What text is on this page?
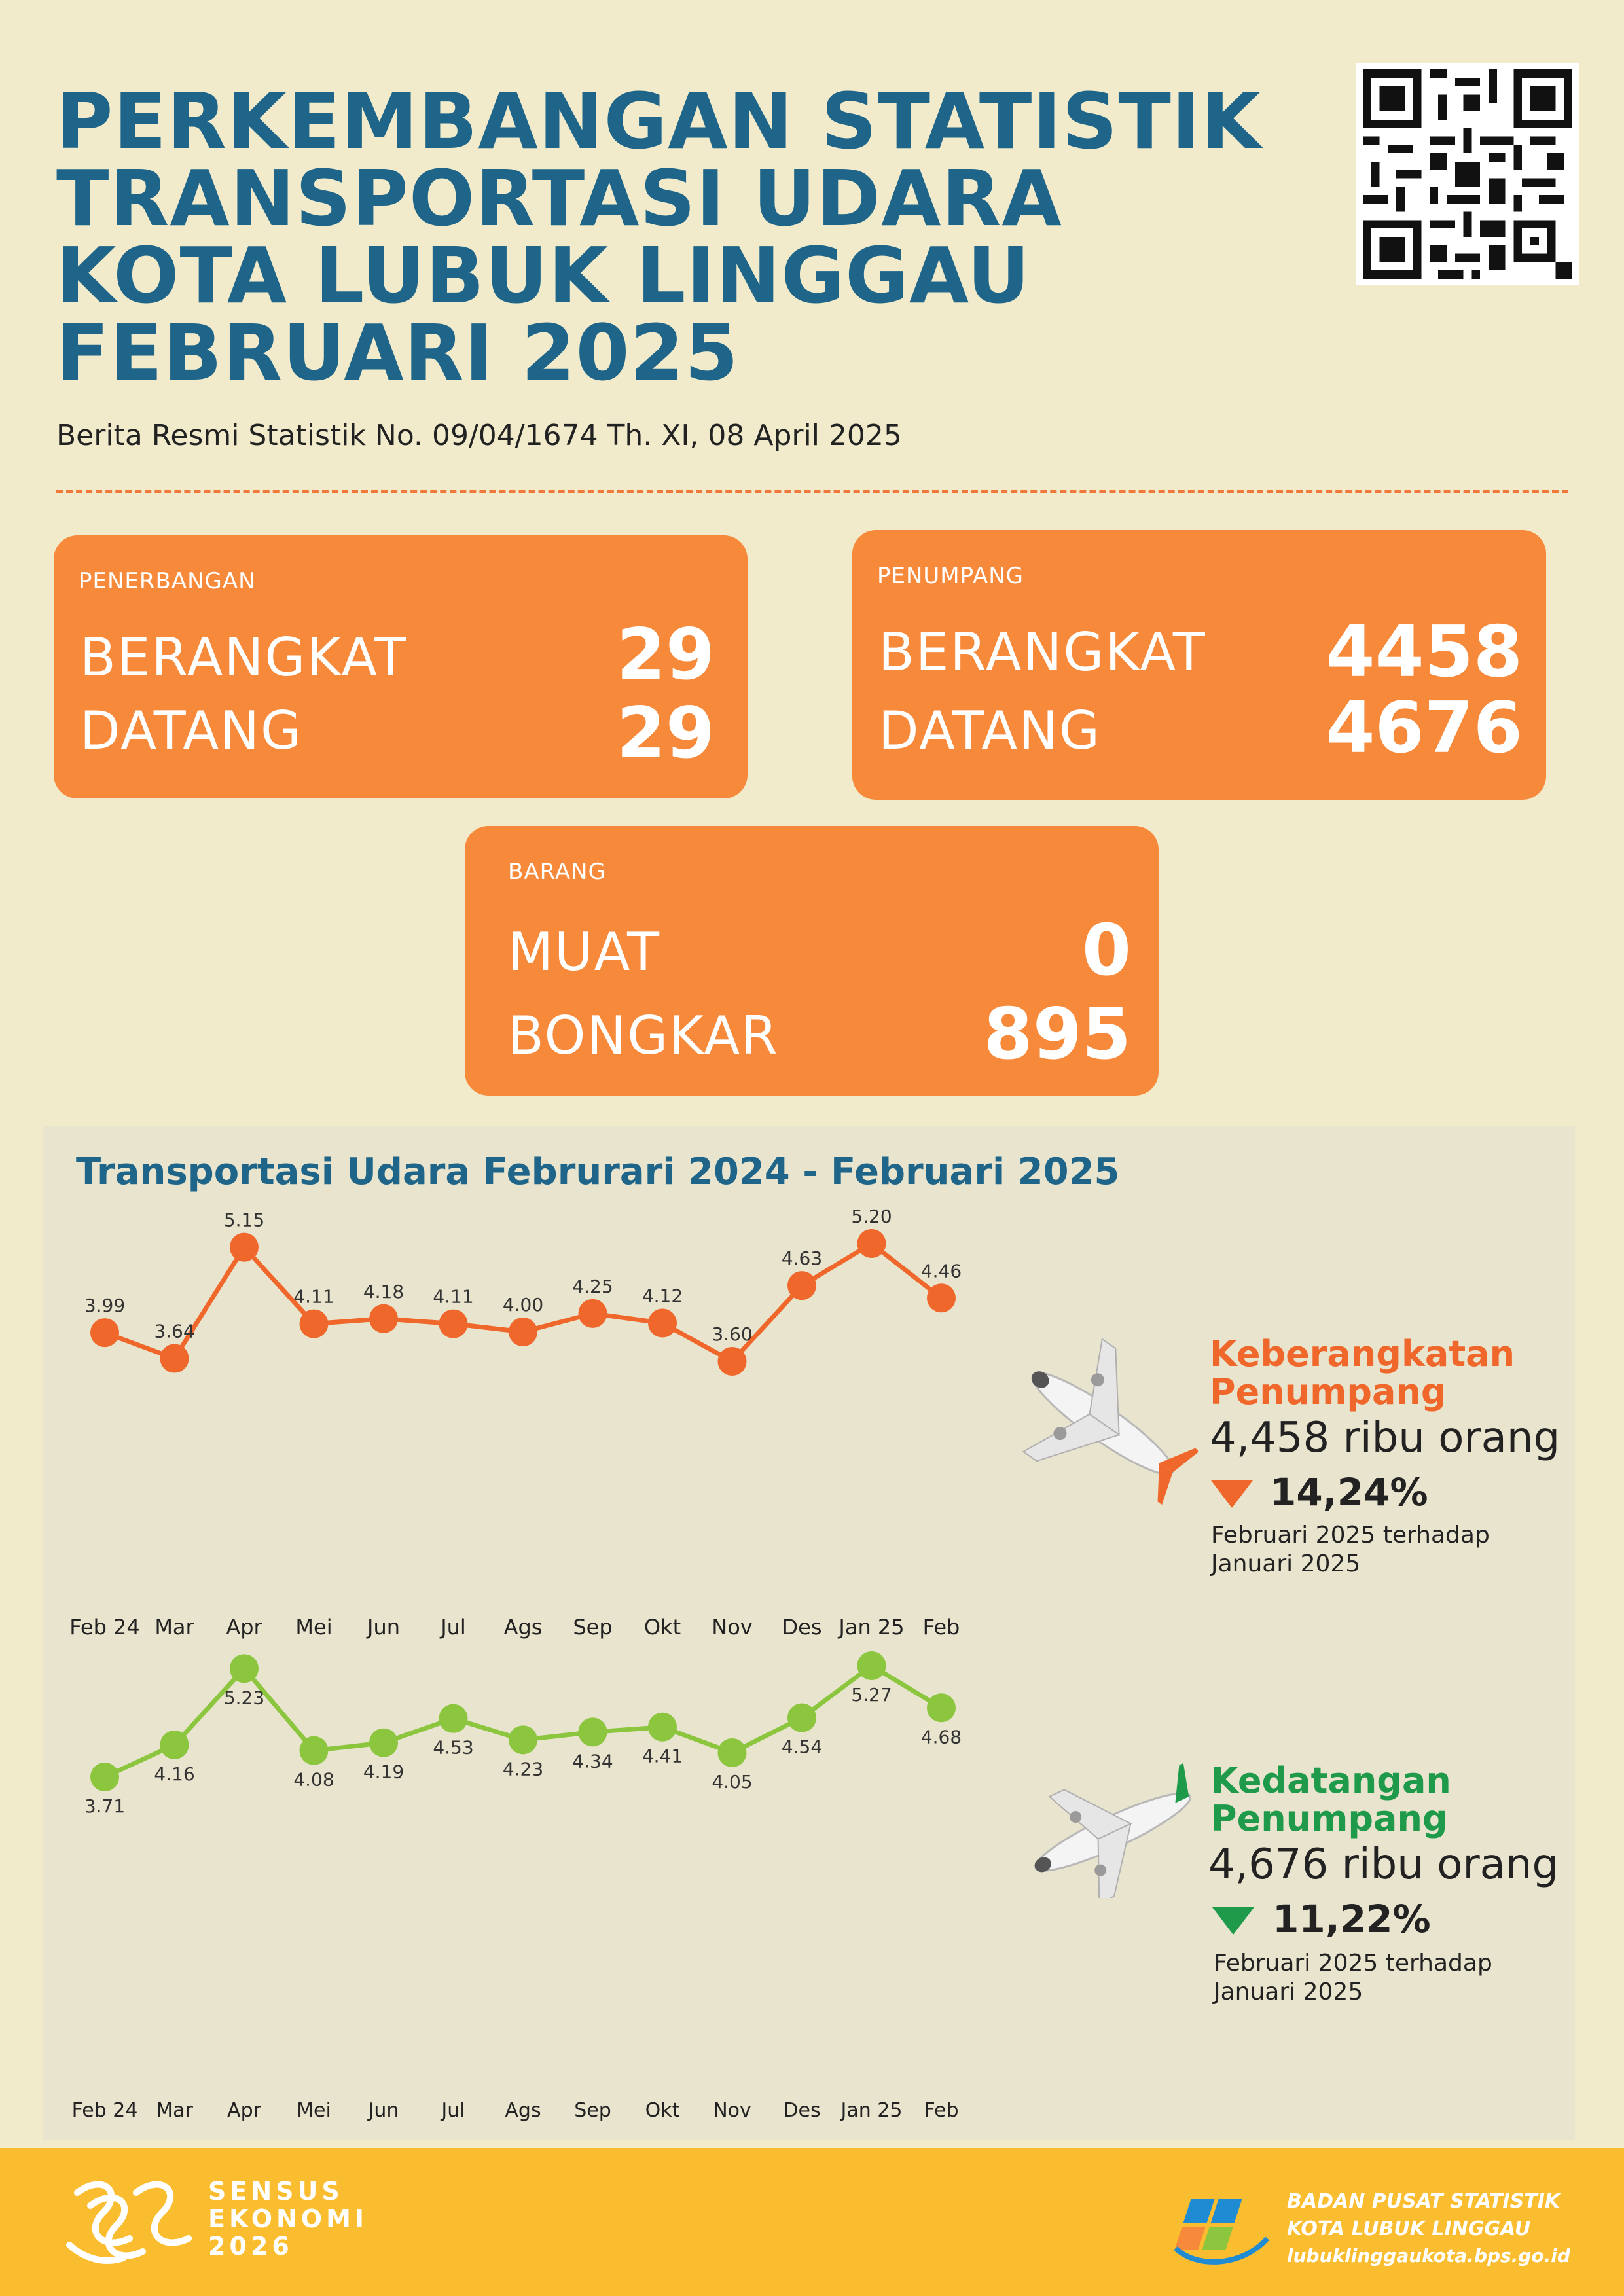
PERKEMBANGAN STATISTIK
TRANSPORTASI UDARA
KOTA LUBUK LINGGAU
FEBRUARI 2025
Berita Resmi Statistik No. 09/04/1674 Th. XI, 08 April 2025
PENERBANGAN
BERANGKAT	29
DATANG	29
PENUMPANG
BERANGKAT 4458
DATANG	4676
BARANG
MUAT	0
BONGKAR	895
Transportasi Udara Februrari 2024 - Februari 2025
3.99
3.64
5.15
4.11 4.18 4.11 4.00
4.25 4.12
3.60
4.63
5.20
4.46
Feb 24 Mar Apr Mei Jun Jul Ags Sep Okt Nov Des Jan 25 Feb
3.71
4.16
5.23
4.08 4.19
4.53
4.23 4.34 4.41
4.05
4.54
5.27
4.68
Feb 24 Mar Apr Mei Jun Jul Ags Sep Okt Nov Des Jan 25 Feb
Keberangkatan
Penumpang
4,458 ribu orang
14,24%
Februari 2025 terhadap
Januari 2025
Kedatangan
Penumpang
4,676 ribu orang
11,22%
Februari 2025 terhadap
Januari 2025
SENSUS
EKONOMI
2026
BADAN PUSAT STATISTIK
KOTA LUBUK LINGGAU
lubuklinggaukota.bps.go.id
